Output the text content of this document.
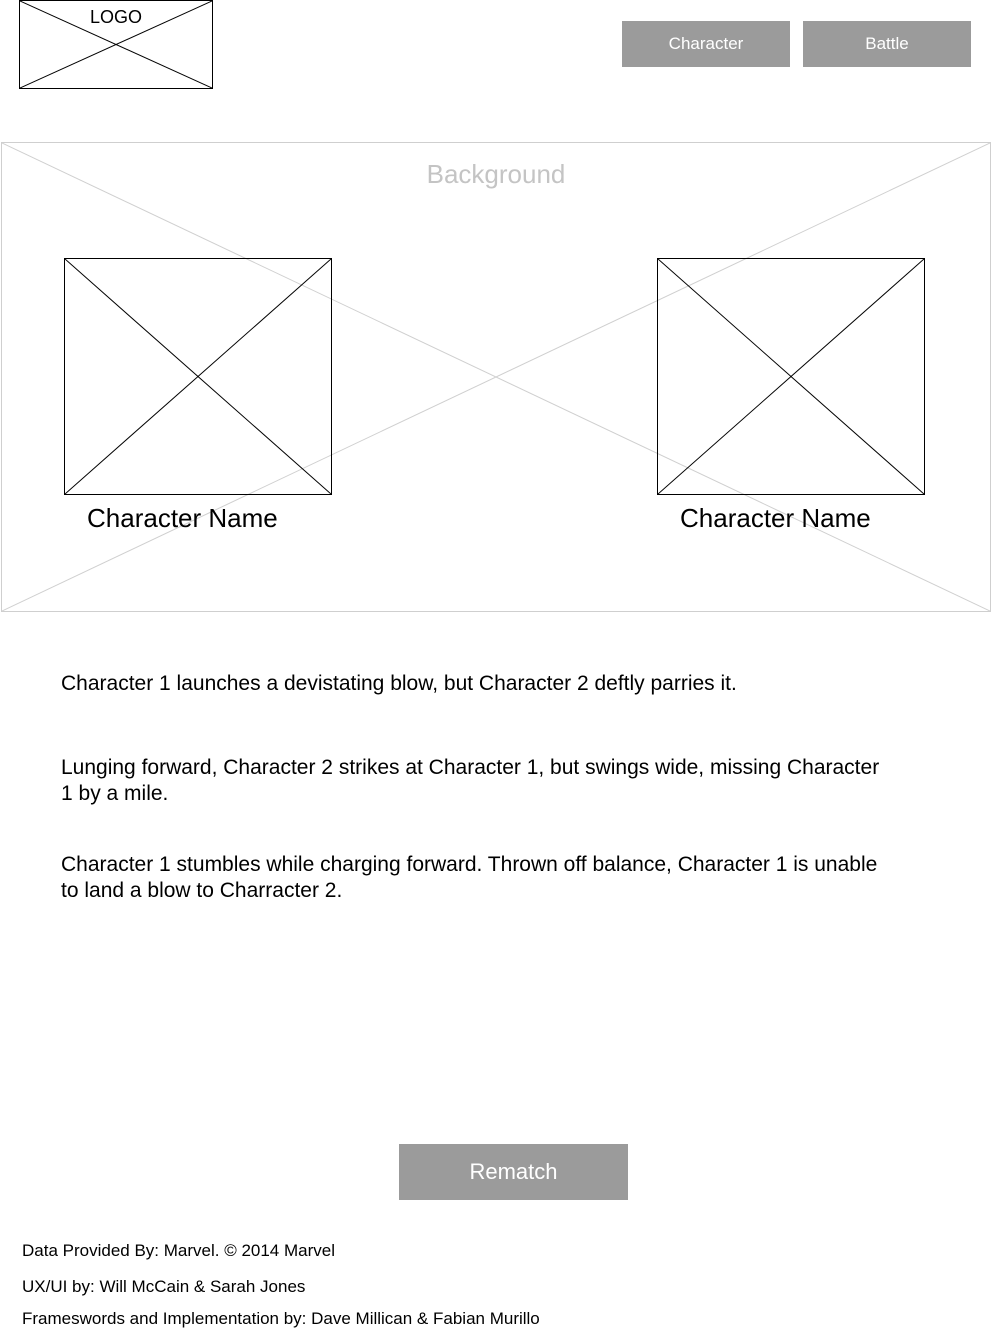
LOGO
Character	Battle
Background
Character Name	Character Name
Character 1 launches a devistating blow, but Character 2 deftly parries it.
Lunging forward, Character 2 strikes at Character 1, but swings wide, missing Character 1 by a mile.
Character 1 stumbles while charging forward. Thrown off balance, Character 1 is unable to land a blow to Charracter 2.
Rematch
Data Provided By: Marvel. © 2014 Marvel
UX/UI by: Will McCain & Sarah Jones
Frameswords and Implementation by: Dave Millican & Fabian Murillo
